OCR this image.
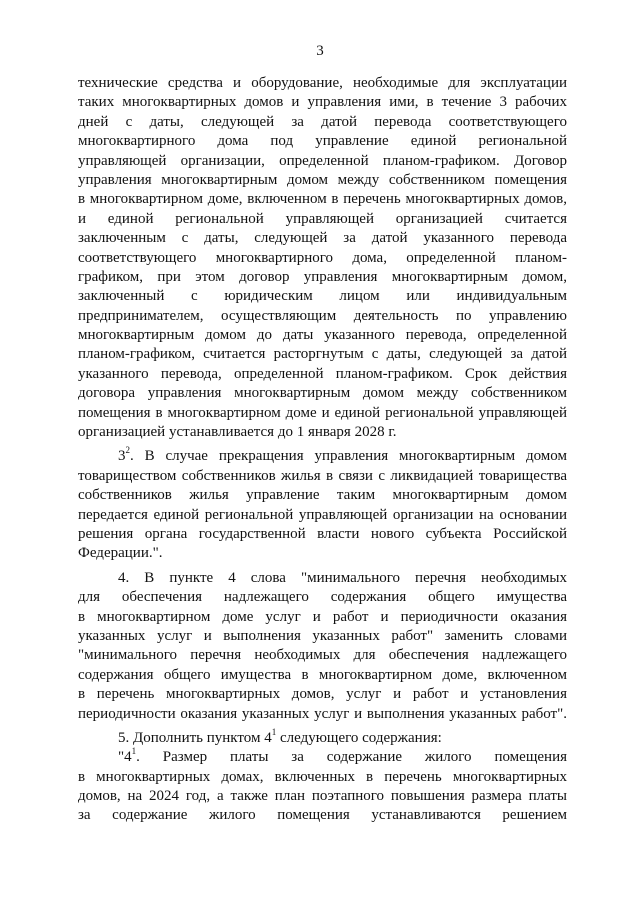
3
технические средства и оборудование, необходимые для эксплуатации
таких многоквартирных домов и управления ими, в течение 3 рабочих
дней с даты, следующей за датой перевода соответствующего
многоквартирного дома под управление единой региональной
управляющей организации, определенной планом-графиком. Договор
управления многоквартирным домом между собственником помещения
в многоквартирном доме, включенном в перечень многоквартирных домов,
и единой региональной управляющей организацией считается
заключенным с даты, следующей за датой указанного перевода
соответствующего многоквартирного дома, определенной планом-
графиком, при этом договор управления многоквартирным домом,
заключенный с юридическим лицом или индивидуальным
предпринимателем, осуществляющим деятельность по управлению
многоквартирным домом до даты указанного перевода, определенной
планом-графиком, считается расторгнутым с даты, следующей за датой
указанного перевода, определенной планом-графиком. Срок действия
договора управления многоквартирным домом между собственником
помещения в многоквартирном доме и единой региональной управляющей
организацией устанавливается до 1 января 2028 г.
$3^2$. В случае прекращения управления многоквартирным домом
товариществом собственников жилья в связи с ликвидацией товарищества
собственников жилья управление таким многоквартирным домом
передается единой региональной управляющей организации на основании
решения органа государственной власти нового субъекта Российской
Федерации.".
4. В пункте 4 слова "минимального перечня необходимых
для обеспечения надлежащего содержания общего имущества
в многоквартирном доме услуг и работ и периодичности оказания
указанных услуг и выполнения указанных работ" заменить словами
"минимального перечня необходимых для обеспечения надлежащего
содержания общего имущества в многоквартирном доме, включенном
в перечень многоквартирных домов, услуг и работ и установления
периодичности оказания указанных услуг и выполнения указанных работ".
5. Дополнить пунктом $4^1$ следующего содержания:
"$4^1$. Размер платы за содержание жилого помещения
в многоквартирных домах, включенных в перечень многоквартирных
домов, на 2024 год, а также план поэтапного повышения размера платы
за содержание жилого помещения устанавливаются решением
